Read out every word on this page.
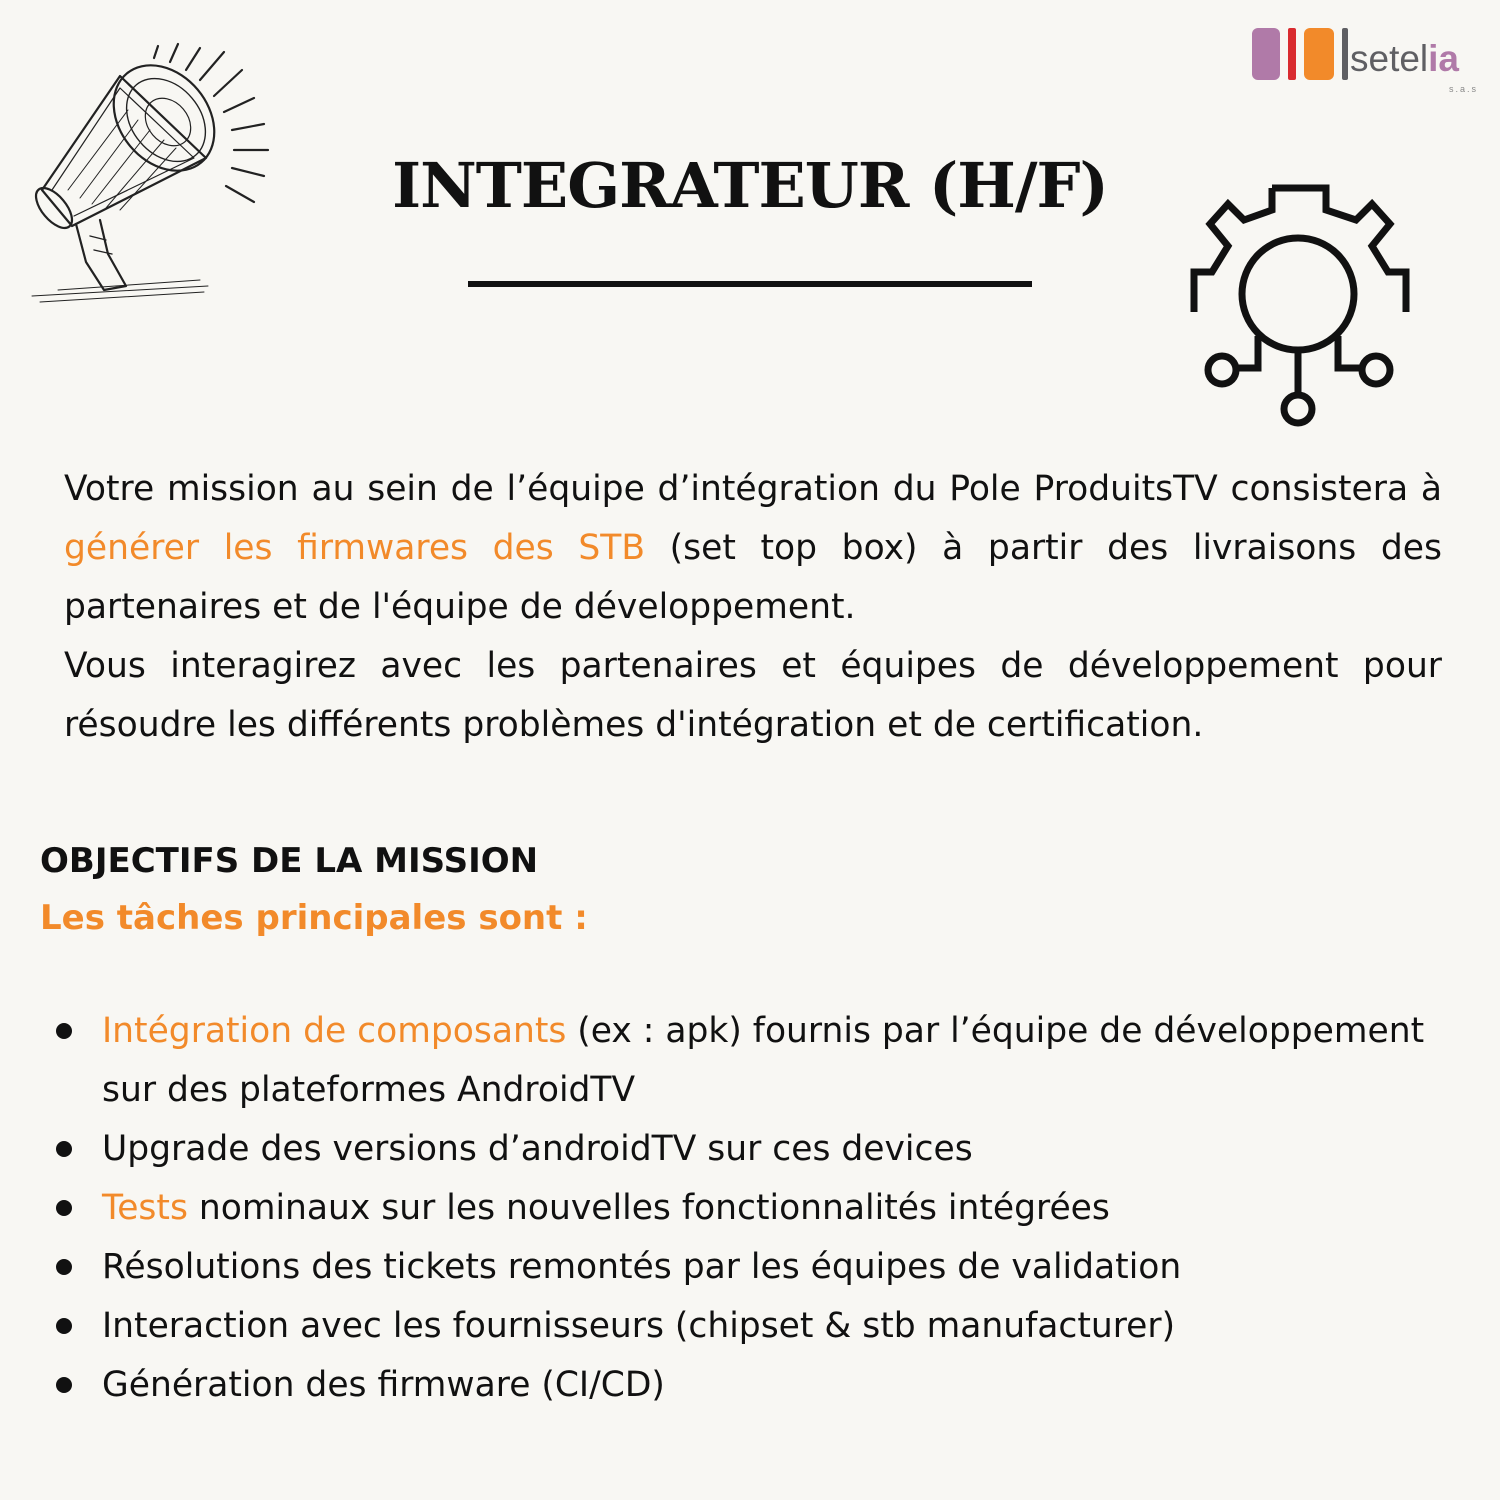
setelia
s.a.s
INTEGRATEUR (H/F)

Votre mission au sein de l’équipe d’intégration du Pole ProduitsTV consistera à générer les firmwares des STB (set top box) à partir des livraisons des partenaires et de l'équipe de développement.

Vous interagirez avec les partenaires et équipes de développement pour résoudre les différents problèmes d'intégration et de certification.

OBJECTIFS DE LA MISSION
Les tâches principales sont :
Intégration de composants (ex : apk) fournis par l’équipe de développement sur des plateformes AndroidTV
Upgrade des versions d’androidTV sur ces devices
Tests nominaux sur les nouvelles fonctionnalités intégrées
Résolutions des tickets remontés par les équipes de validation
Interaction avec les fournisseurs (chipset & stb manufacturer)
Génération des firmware (CI/CD)
